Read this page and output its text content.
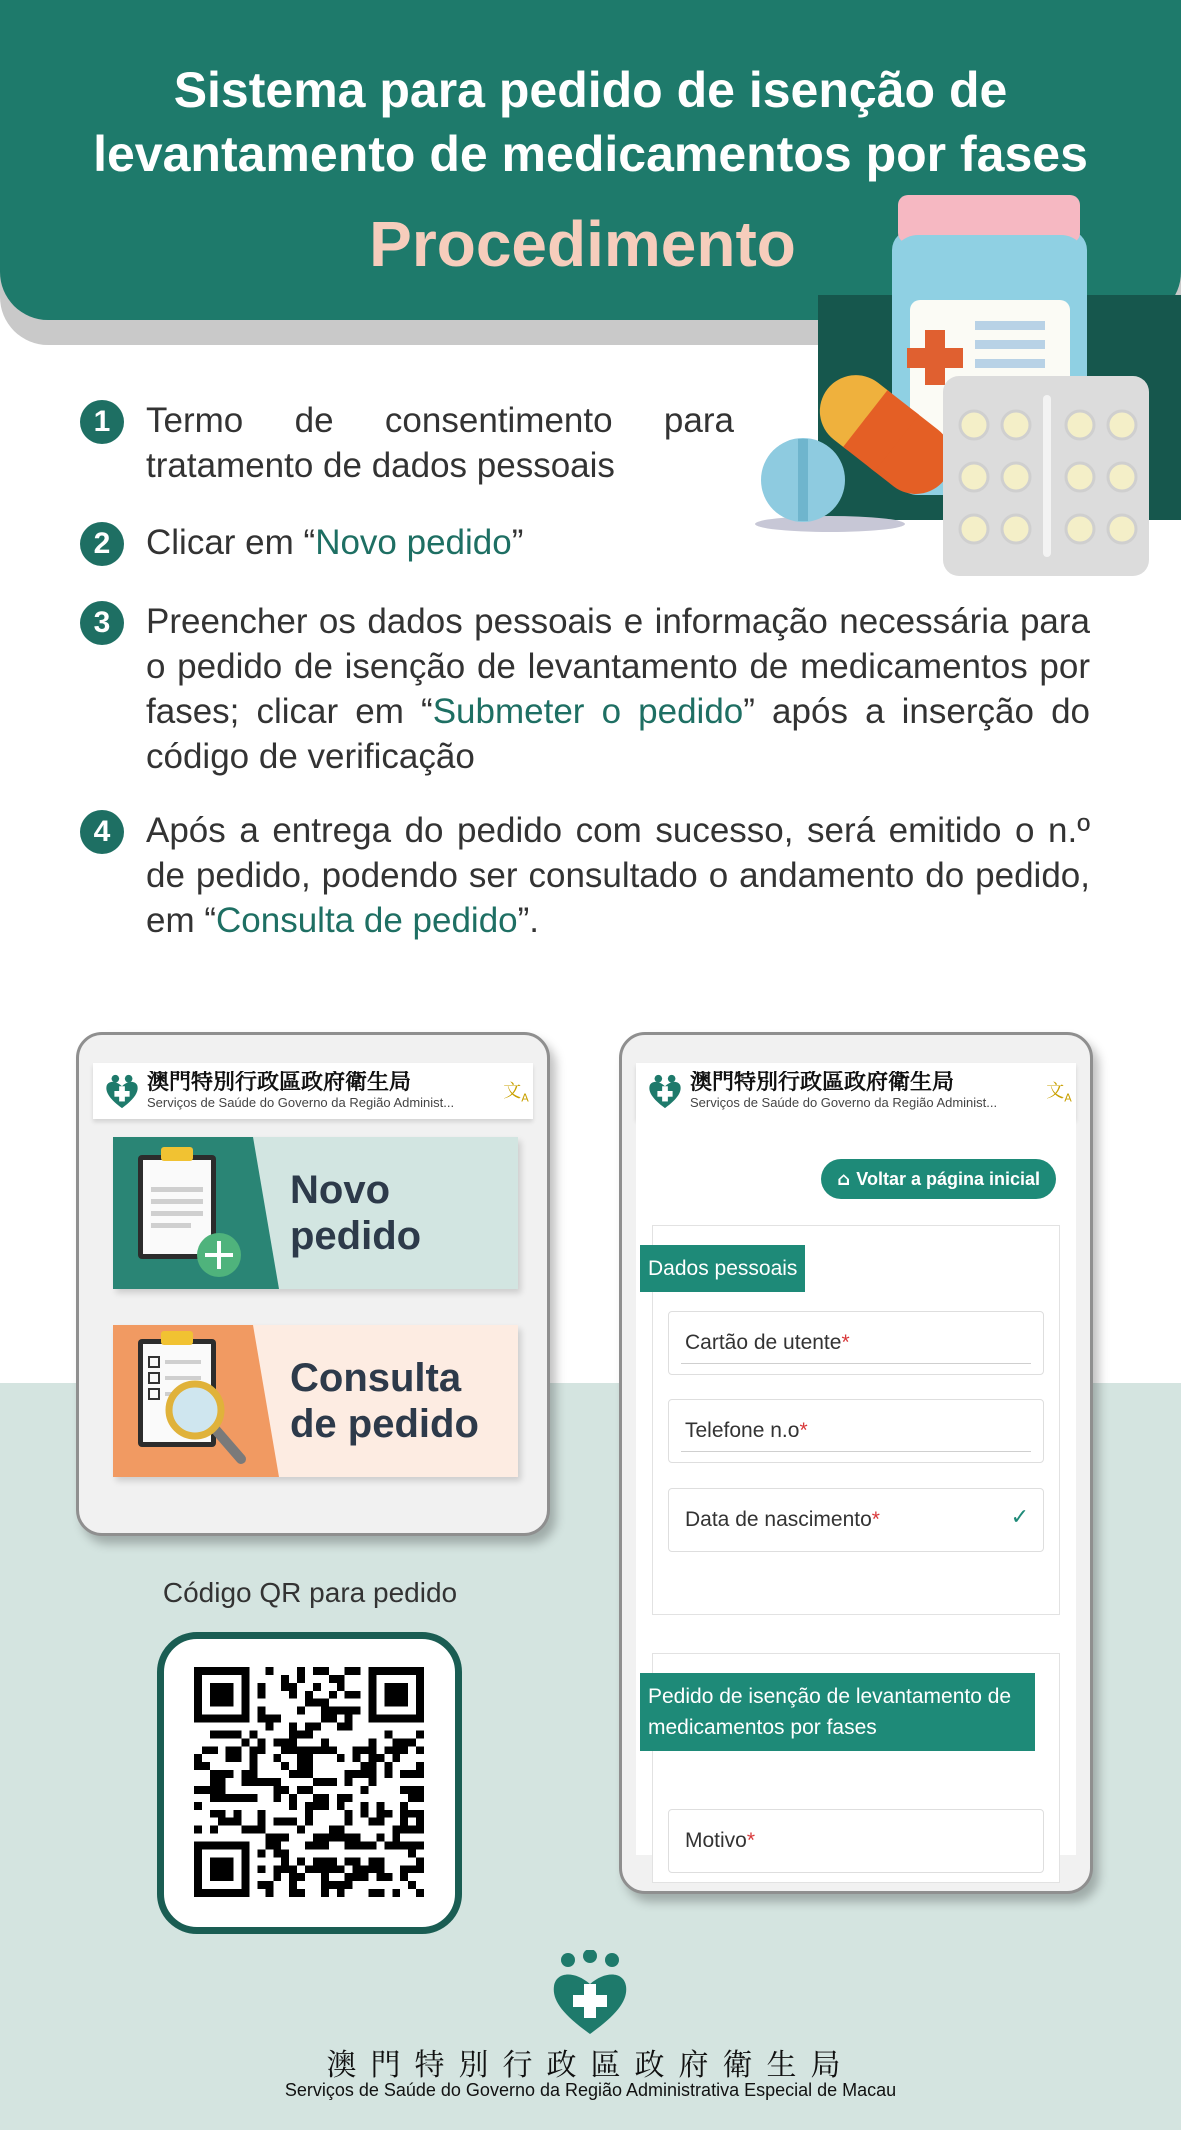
Sistema para pedido de isenção de
levantamento de medicamentos por fases
Procedimento
1	Termo de consentimento para tratamento de dados pessoais
2	Clicar em “Novo pedido”
3	Preencher os dados pessoais e informação necessária para o pedido de isenção de levantamento de medicamentos por fases; clicar em “Submeter o pedido” após a inserção do código de verificação
4	Após a entrega do pedido com sucesso, será emitido o n.º de pedido, podendo ser consultado o andamento do pedido, em “Consulta de pedido”.
澳門特別行政區政府衛生局
Serviços de Saúde do Governo da Região Administ...
文$_A$
Novo pedido
Consulta de pedido
澳門特別行政區政府衛生局
Serviços de Saúde do Governo da Região Administ...
文$_A$
⌂ Voltar a página inicial
Dados pessoais
Cartão de utente*
Telefone n.o*
Data de nascimento*	✓
Pedido de isenção de levantamento de medicamentos por fases
Motivo*
Código QR para pedido
澳門特別行政區政府衛生局
Serviços de Saúde do Governo da Região Administrativa Especial de Macau
